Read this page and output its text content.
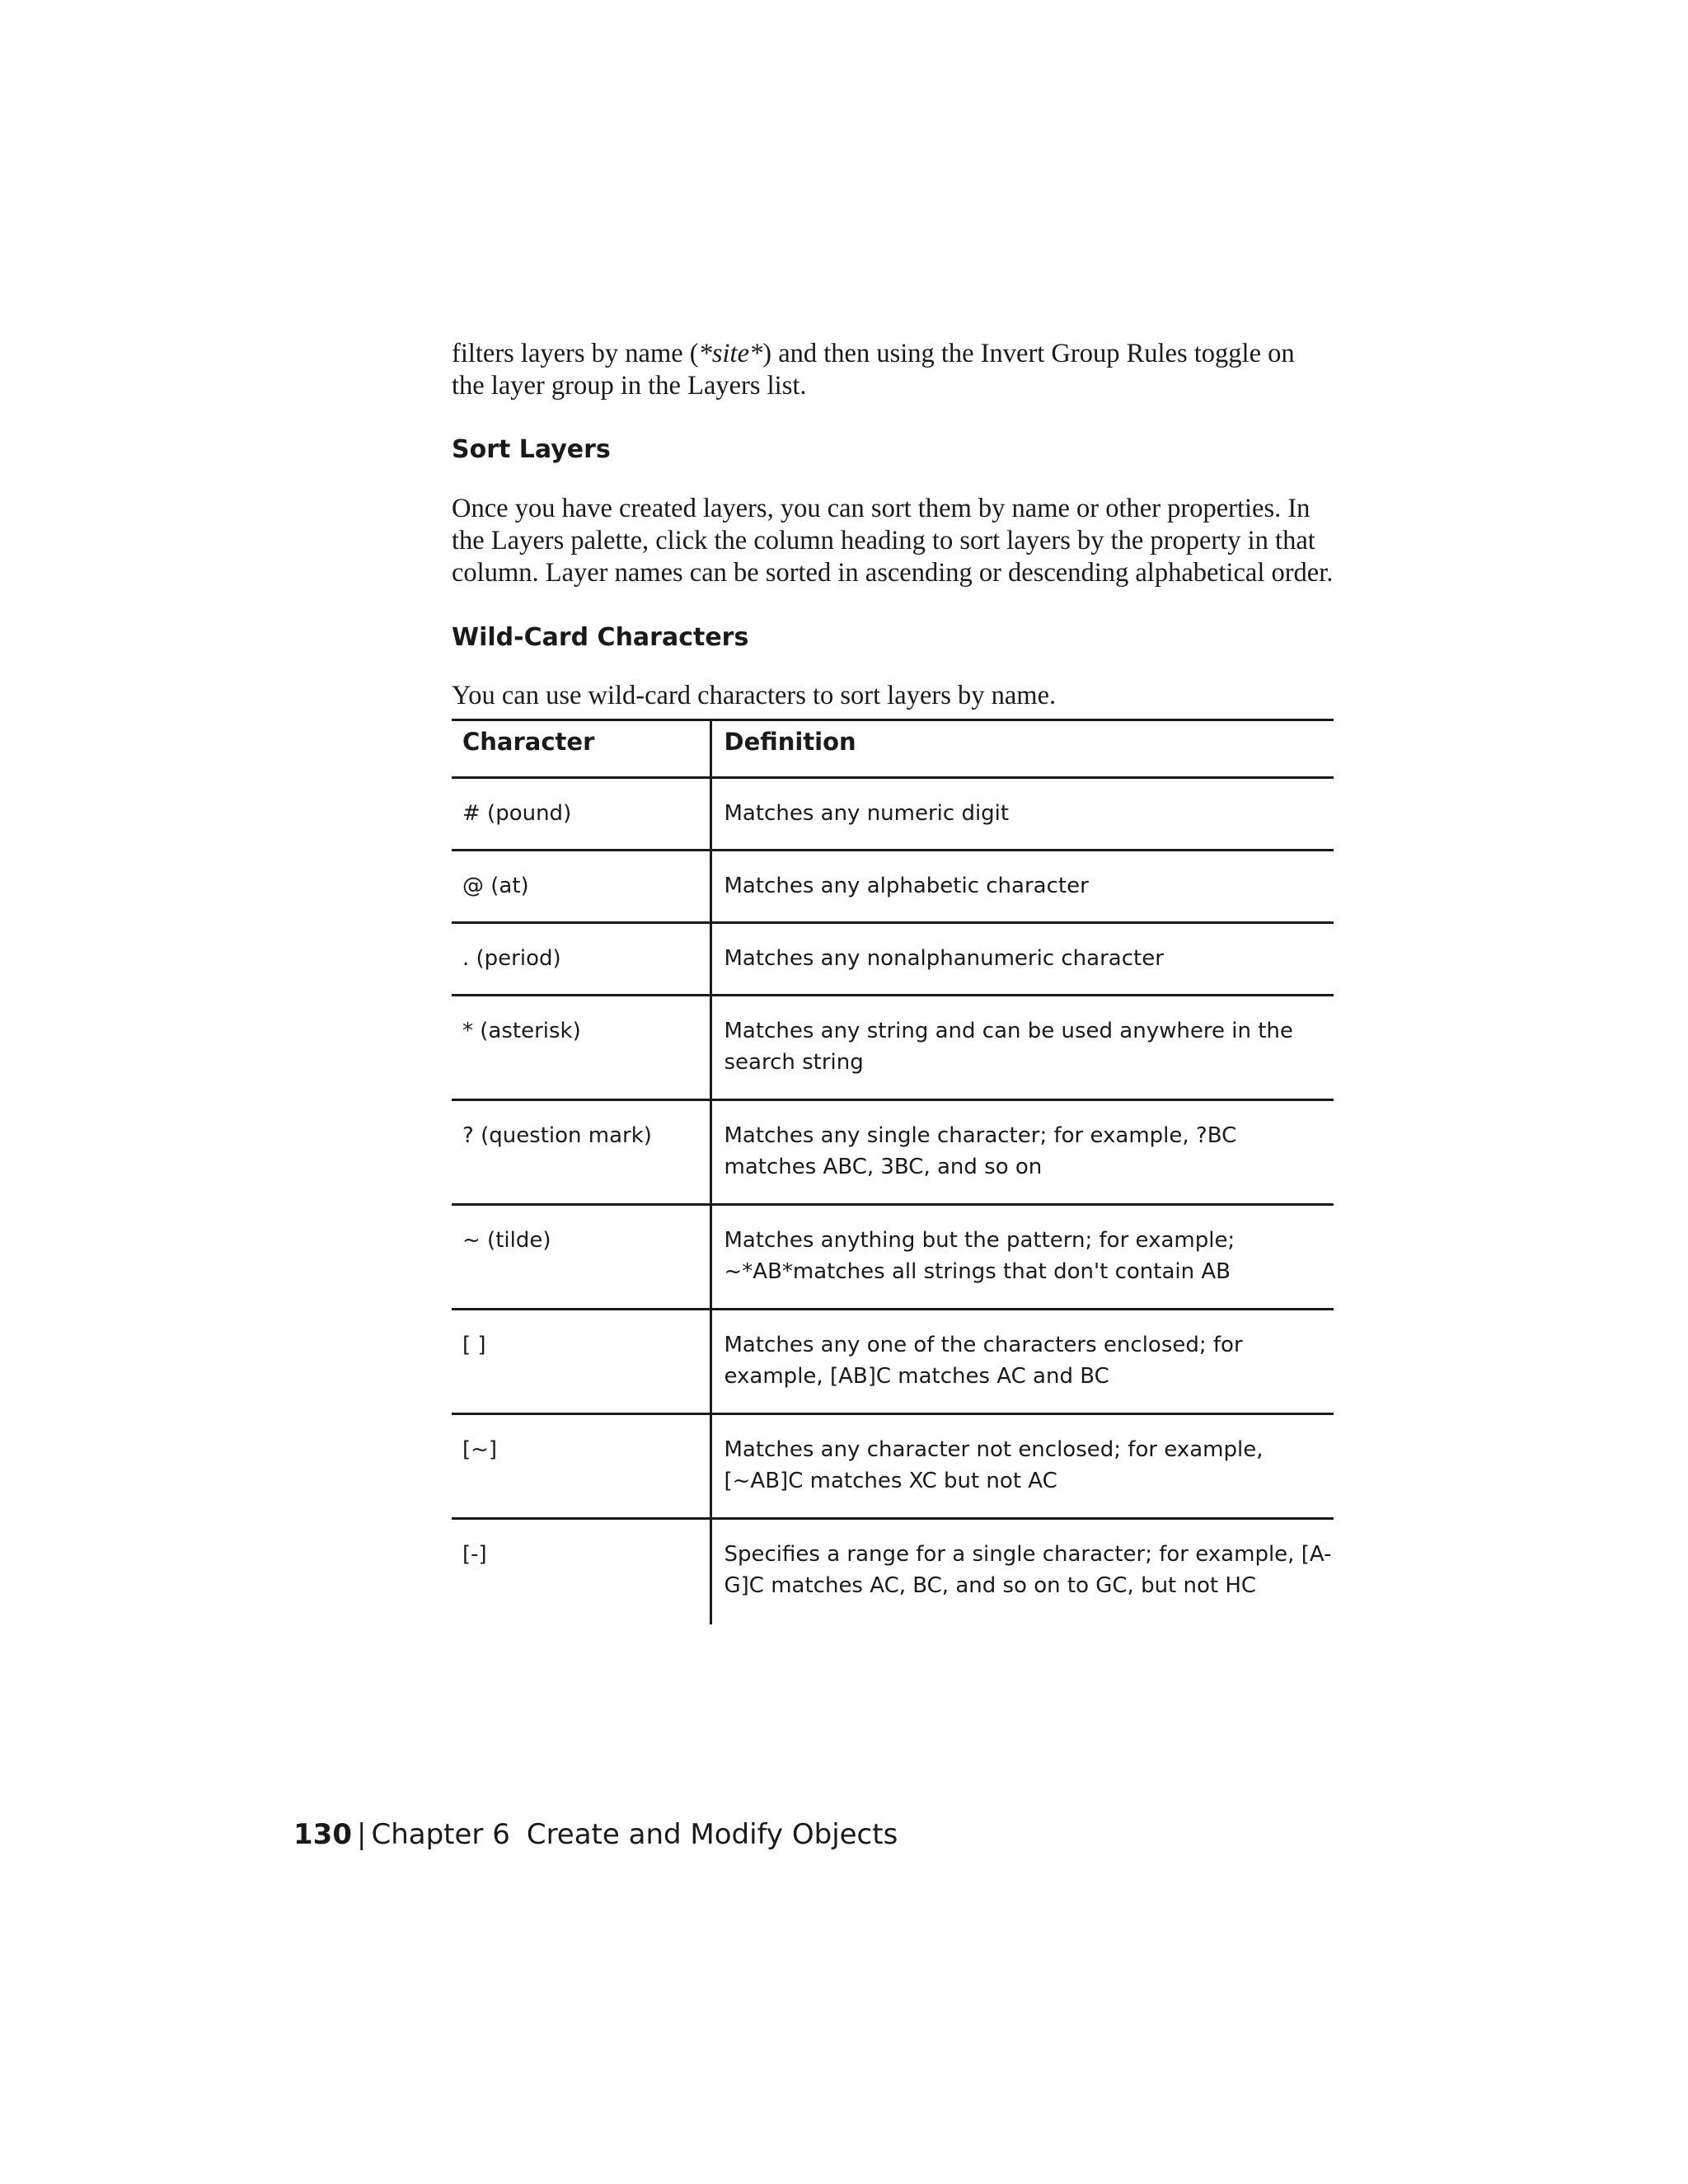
filters layers by name (*site*) and then using the Invert Group Rules toggle on the layer group in the Layers list.

Sort Layers

Once you have created layers, you can sort them by name or other properties. In the Layers palette, click the column heading to sort layers by the property in that column. Layer names can be sorted in ascending or descending alphabetical order.

Wild-Card Characters

You can use wild-card characters to sort layers by name.

Character	Definition
# (pound)	Matches any numeric digit
@ (at)	Matches any alphabetic character
. (period)	Matches any nonalphanumeric character
* (asterisk)	Matches any string and can be used anywhere in the search string
? (question mark)	Matches any single character; for example, ?BC matches ABC, 3BC, and so on
~ (tilde)	Matches anything but the pattern; for example; ~*AB*matches all strings that don't contain AB
[ ]	Matches any one of the characters enclosed; for example, [AB]C matches AC and BC
[~]	Matches any character not enclosed; for example, [~AB]C matches XC but not AC
[-]	Specifies a range for a single character; for example, [A-G]C matches AC, BC, and so on to GC, but not HC
130 | Chapter 6 Create and Modify Objects
